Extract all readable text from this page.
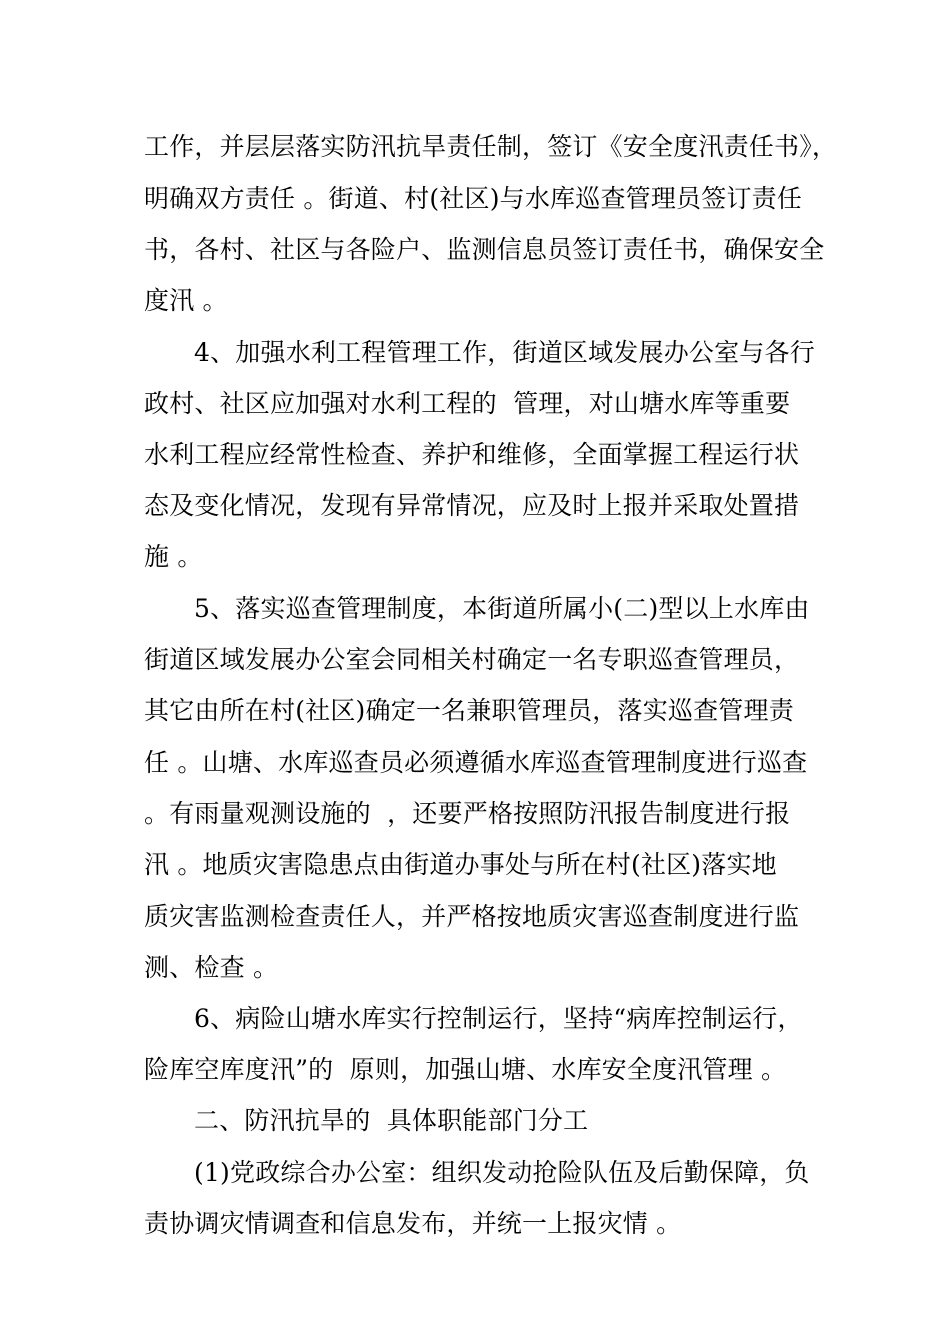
工作，并层层落实防汛抗旱责任制，签订《安全度汛责任书》，
明确双方责任 。街道、村(社区)与水库巡查管理员签订责任
书，各村、社区与各险户、监测信息员签订责任书，确保安全
度汛 。
4、加强水利工程管理工作，街道区域发展办公室与各行
政村、社区应加强对水利工程的  管理，对山塘水库等重要
水利工程应经常性检查、养护和维修，全面掌握工程运行状
态及变化情况，发现有异常情况，应及时上报并采取处置措
施 。
5、落实巡查管理制度，本街道所属小(二)型以上水库由
街道区域发展办公室会同相关村确定一名专职巡查管理员，
其它由所在村(社区)确定一名兼职管理员，落实巡查管理责
任 。山塘、水库巡查员必须遵循水库巡查管理制度进行巡查
。有雨量观测设施的  ，还要严格按照防汛报告制度进行报
汛 。地质灾害隐患点由街道办事处与所在村(社区)落实地
质灾害监测检查责任人，并严格按地质灾害巡查制度进行监
测、检查 。
6、病险山塘水库实行控制运行，坚持“病库控制运行，
险库空库度汛”的  原则，加强山塘、水库安全度汛管理 。
二、防汛抗旱的  具体职能部门分工
(1)党政综合办公室：组织发动抢险队伍及后勤保障，负
责协调灾情调查和信息发布，并统一上报灾情 。
